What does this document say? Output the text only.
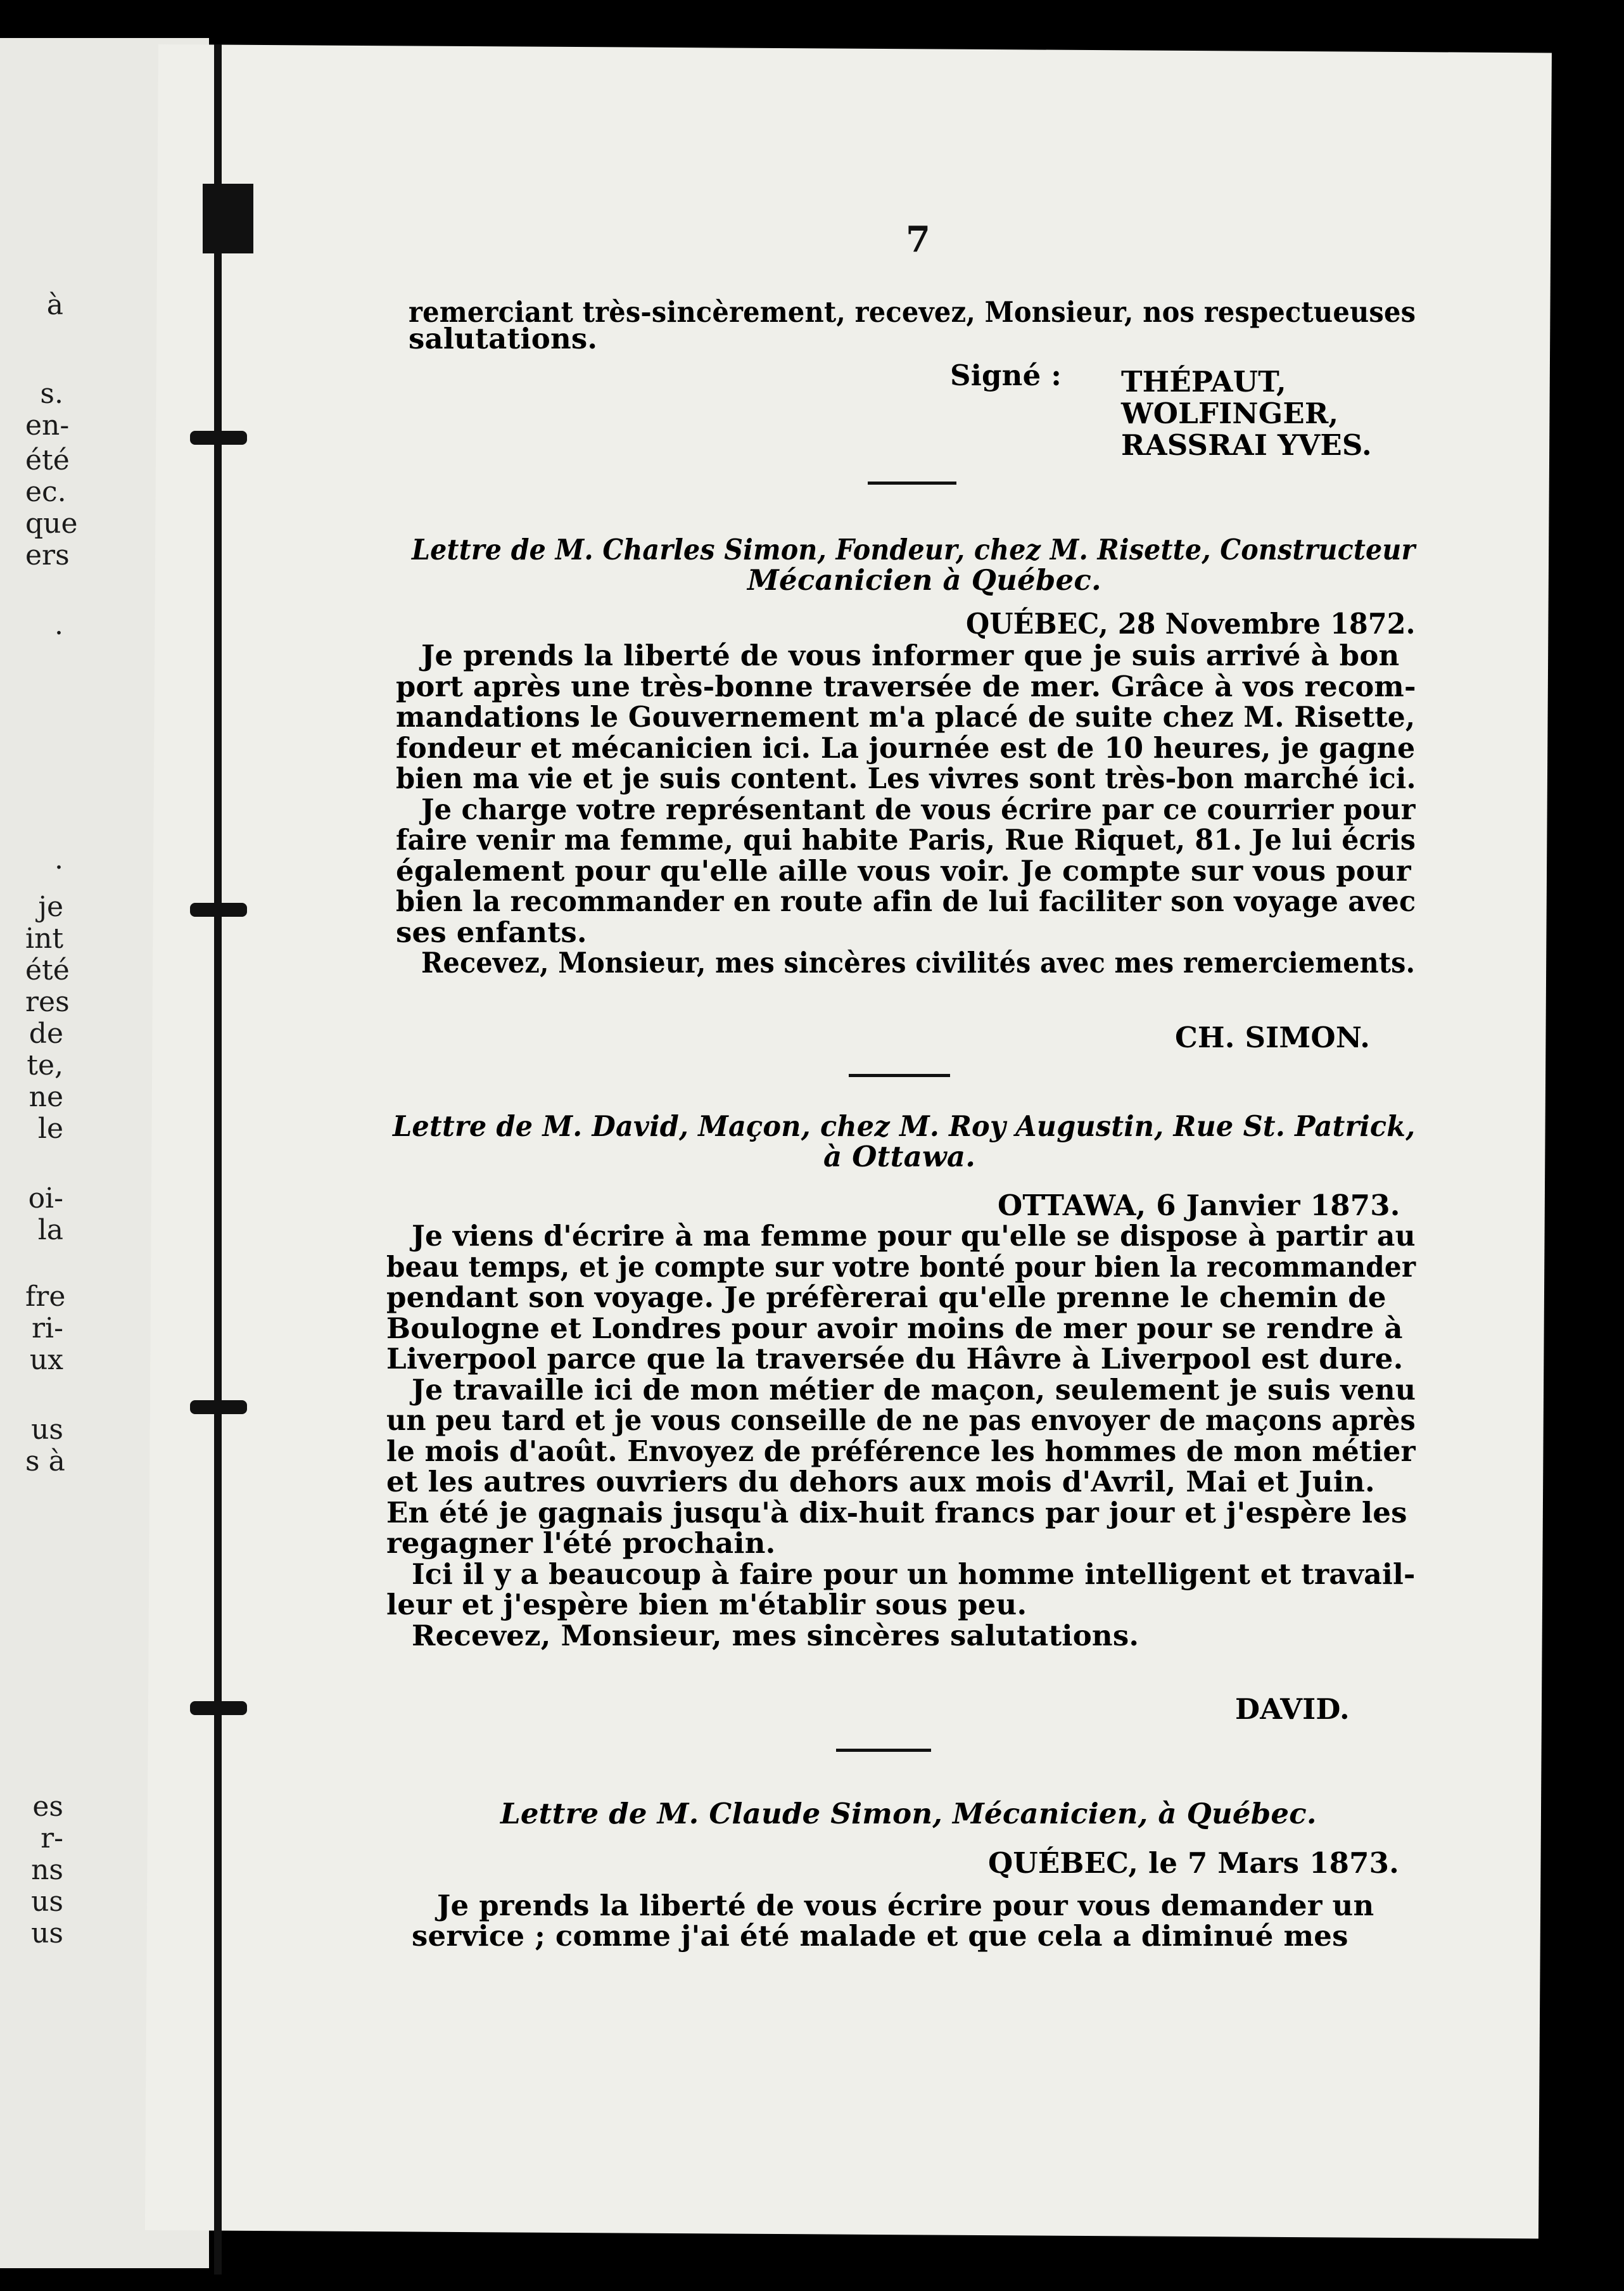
à
s.
en-
été
ec.
que
ers
.
.
je
int
été
res
de
te,
ne
le
oi-
la
fre
ri-
ux
us
s à
es
r-
ns
us
us
7
remerciant très-sincèrement, recevez, Monsieur, nos respectueuses
salutations.
Signé : THÉPAUT,
WOLFINGER,
RASSRAI YVES.
Lettre de M. Charles Simon, Fondeur, chez M. Risette, Constructeur
Mécanicien à Québec.
QUÉBEC, 28 Novembre 1872.
Je prends la liberté de vous informer que je suis arrivé à bon
port après une très-bonne traversée de mer. Grâce à vos recom-
mandations le Gouvernement m'a placé de suite chez M. Risette,
fondeur et mécanicien ici. La journée est de 10 heures, je gagne
bien ma vie et je suis content. Les vivres sont très-bon marché ici.
Je charge votre représentant de vous écrire par ce courrier pour
faire venir ma femme, qui habite Paris, Rue Riquet, 81. Je lui écris
également pour qu'elle aille vous voir. Je compte sur vous pour
bien la recommander en route afin de lui faciliter son voyage avec
ses enfants.
Recevez, Monsieur, mes sincères civilités avec mes remerciements.
CH. SIMON.
Lettre de M. David, Maçon, chez M. Roy Augustin, Rue St. Patrick,
à Ottawa.
OTTAWA, 6 Janvier 1873.
Je viens d'écrire à ma femme pour qu'elle se dispose à partir au
beau temps, et je compte sur votre bonté pour bien la recommander
pendant son voyage. Je préfèrerai qu'elle prenne le chemin de
Boulogne et Londres pour avoir moins de mer pour se rendre à
Liverpool parce que la traversée du Hâvre à Liverpool est dure.
Je travaille ici de mon métier de maçon, seulement je suis venu
un peu tard et je vous conseille de ne pas envoyer de maçons après
le mois d'août. Envoyez de préférence les hommes de mon métier
et les autres ouvriers du dehors aux mois d'Avril, Mai et Juin.
En été je gagnais jusqu'à dix-huit francs par jour et j'espère les
regagner l'été prochain.
Ici il y a beaucoup à faire pour un homme intelligent et travail-
leur et j'espère bien m'établir sous peu.
Recevez, Monsieur, mes sincères salutations.
DAVID.
Lettre de M. Claude Simon, Mécanicien, à Québec.
QUÉBEC, le 7 Mars 1873.
Je prends la liberté de vous écrire pour vous demander un
service ; comme j'ai été malade et que cela a diminué mes
